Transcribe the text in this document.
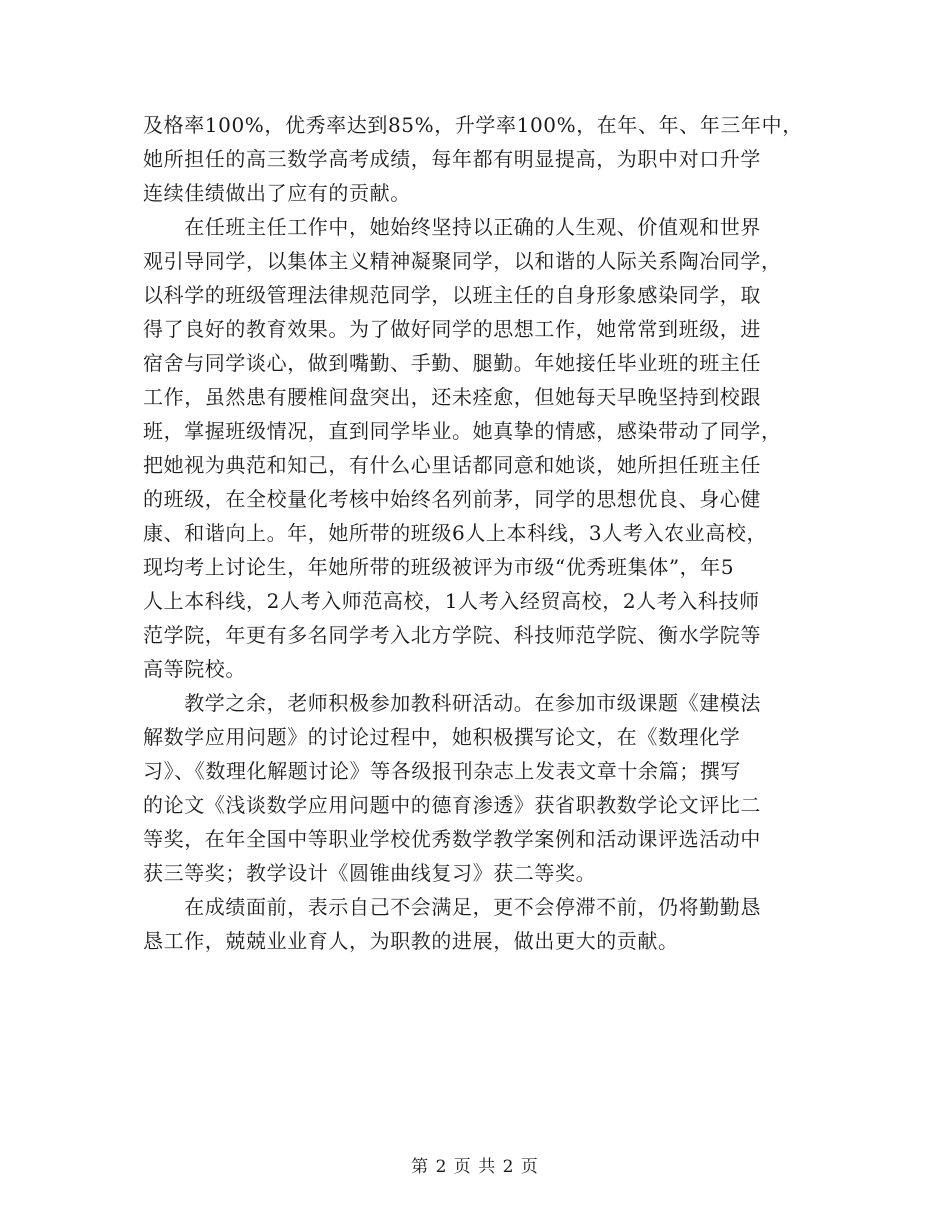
及格率100%，优秀率达到85%，升学率100%，在年、年、年三年中，
她所担任的高三数学高考成绩，每年都有明显提高，为职中对口升学
连续佳绩做出了应有的贡献。
　　在任班主任工作中，她始终坚持以正确的人生观、价值观和世界
观引导同学，以集体主义精神凝聚同学，以和谐的人际关系陶冶同学，
以科学的班级管理法律规范同学，以班主任的自身形象感染同学，取
得了良好的教育效果。为了做好同学的思想工作，她常常到班级，进
宿舍与同学谈心，做到嘴勤、手勤、腿勤。年她接任毕业班的班主任
工作，虽然患有腰椎间盘突出，还未痊愈，但她每天早晚坚持到校跟
班，掌握班级情况，直到同学毕业。她真挚的情感，感染带动了同学，
把她视为典范和知己，有什么心里话都同意和她谈，她所担任班主任
的班级，在全校量化考核中始终名列前茅，同学的思想优良、身心健
康、和谐向上。年，她所带的班级6人上本科线，3人考入农业高校，
现均考上讨论生，年她所带的班级被评为市级“优秀班集体”，年5
人上本科线，2人考入师范高校，1人考入经贸高校，2人考入科技师
范学院，年更有多名同学考入北方学院、科技师范学院、衡水学院等
高等院校。
　　教学之余，老师积极参加教科研活动。在参加市级课题《建模法
解数学应用问题》的讨论过程中，她积极撰写论文，在《数理化学
习》、《数理化解题讨论》等各级报刊杂志上发表文章十余篇；撰写
的论文《浅谈数学应用问题中的德育渗透》获省职教数学论文评比二
等奖，在年全国中等职业学校优秀数学教学案例和活动课评选活动中
获三等奖；教学设计《圆锥曲线复习》获二等奖。
　　在成绩面前，表示自己不会满足，更不会停滞不前，仍将勤勤恳
恳工作，兢兢业业育人，为职教的进展，做出更大的贡献。
第 2 页 共 2 页
